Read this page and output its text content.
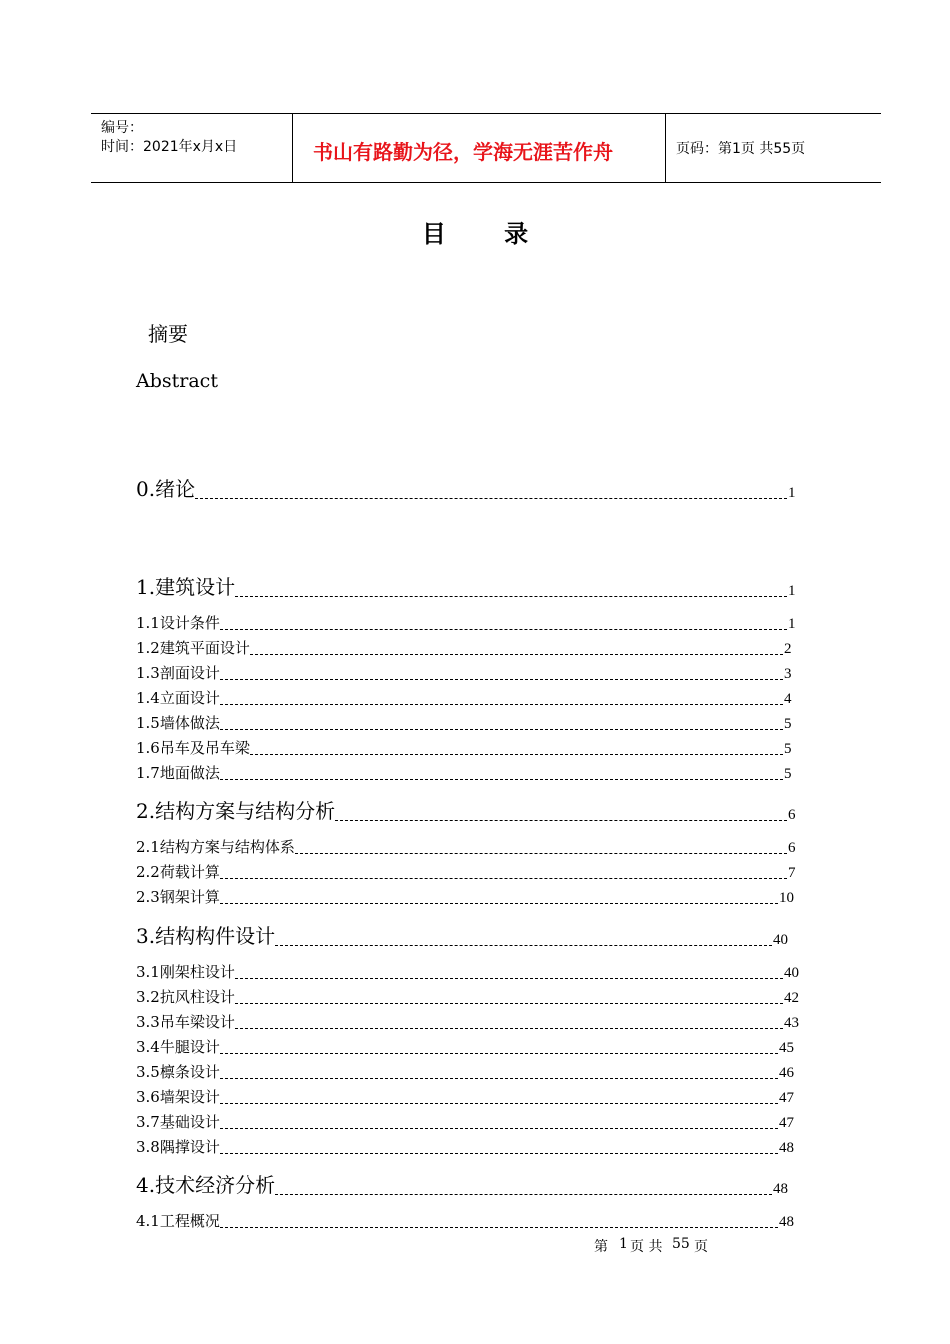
编号：
时间：2021年x月x日	书山有路勤为径，学海无涯苦作舟	页码：第1页 共55页
目 录
摘要
Abstract
0.绪论	1
1.建筑设计	1
1.1设计条件	1
1.2建筑平面设计	2
1.3剖面设计	3
1.4立面设计	4
1.5墙体做法	5
1.6吊车及吊车梁	5
1.7地面做法	5
2.结构方案与结构分析	6
2.1结构方案与结构体系	6
2.2荷载计算	7
2.3钢架计算	10
3.结构构件设计	40
3.1刚架柱设计	40
3.2抗风柱设计	42
3.3吊车梁设计	43
3.4牛腿设计	45
3.5檩条设计	46
3.6墙架设计	47
3.7基础设计	47
3.8隅撑设计	48
4.技术经济分析	48
4.1工程概况	48
第 1 页 共 55 页
